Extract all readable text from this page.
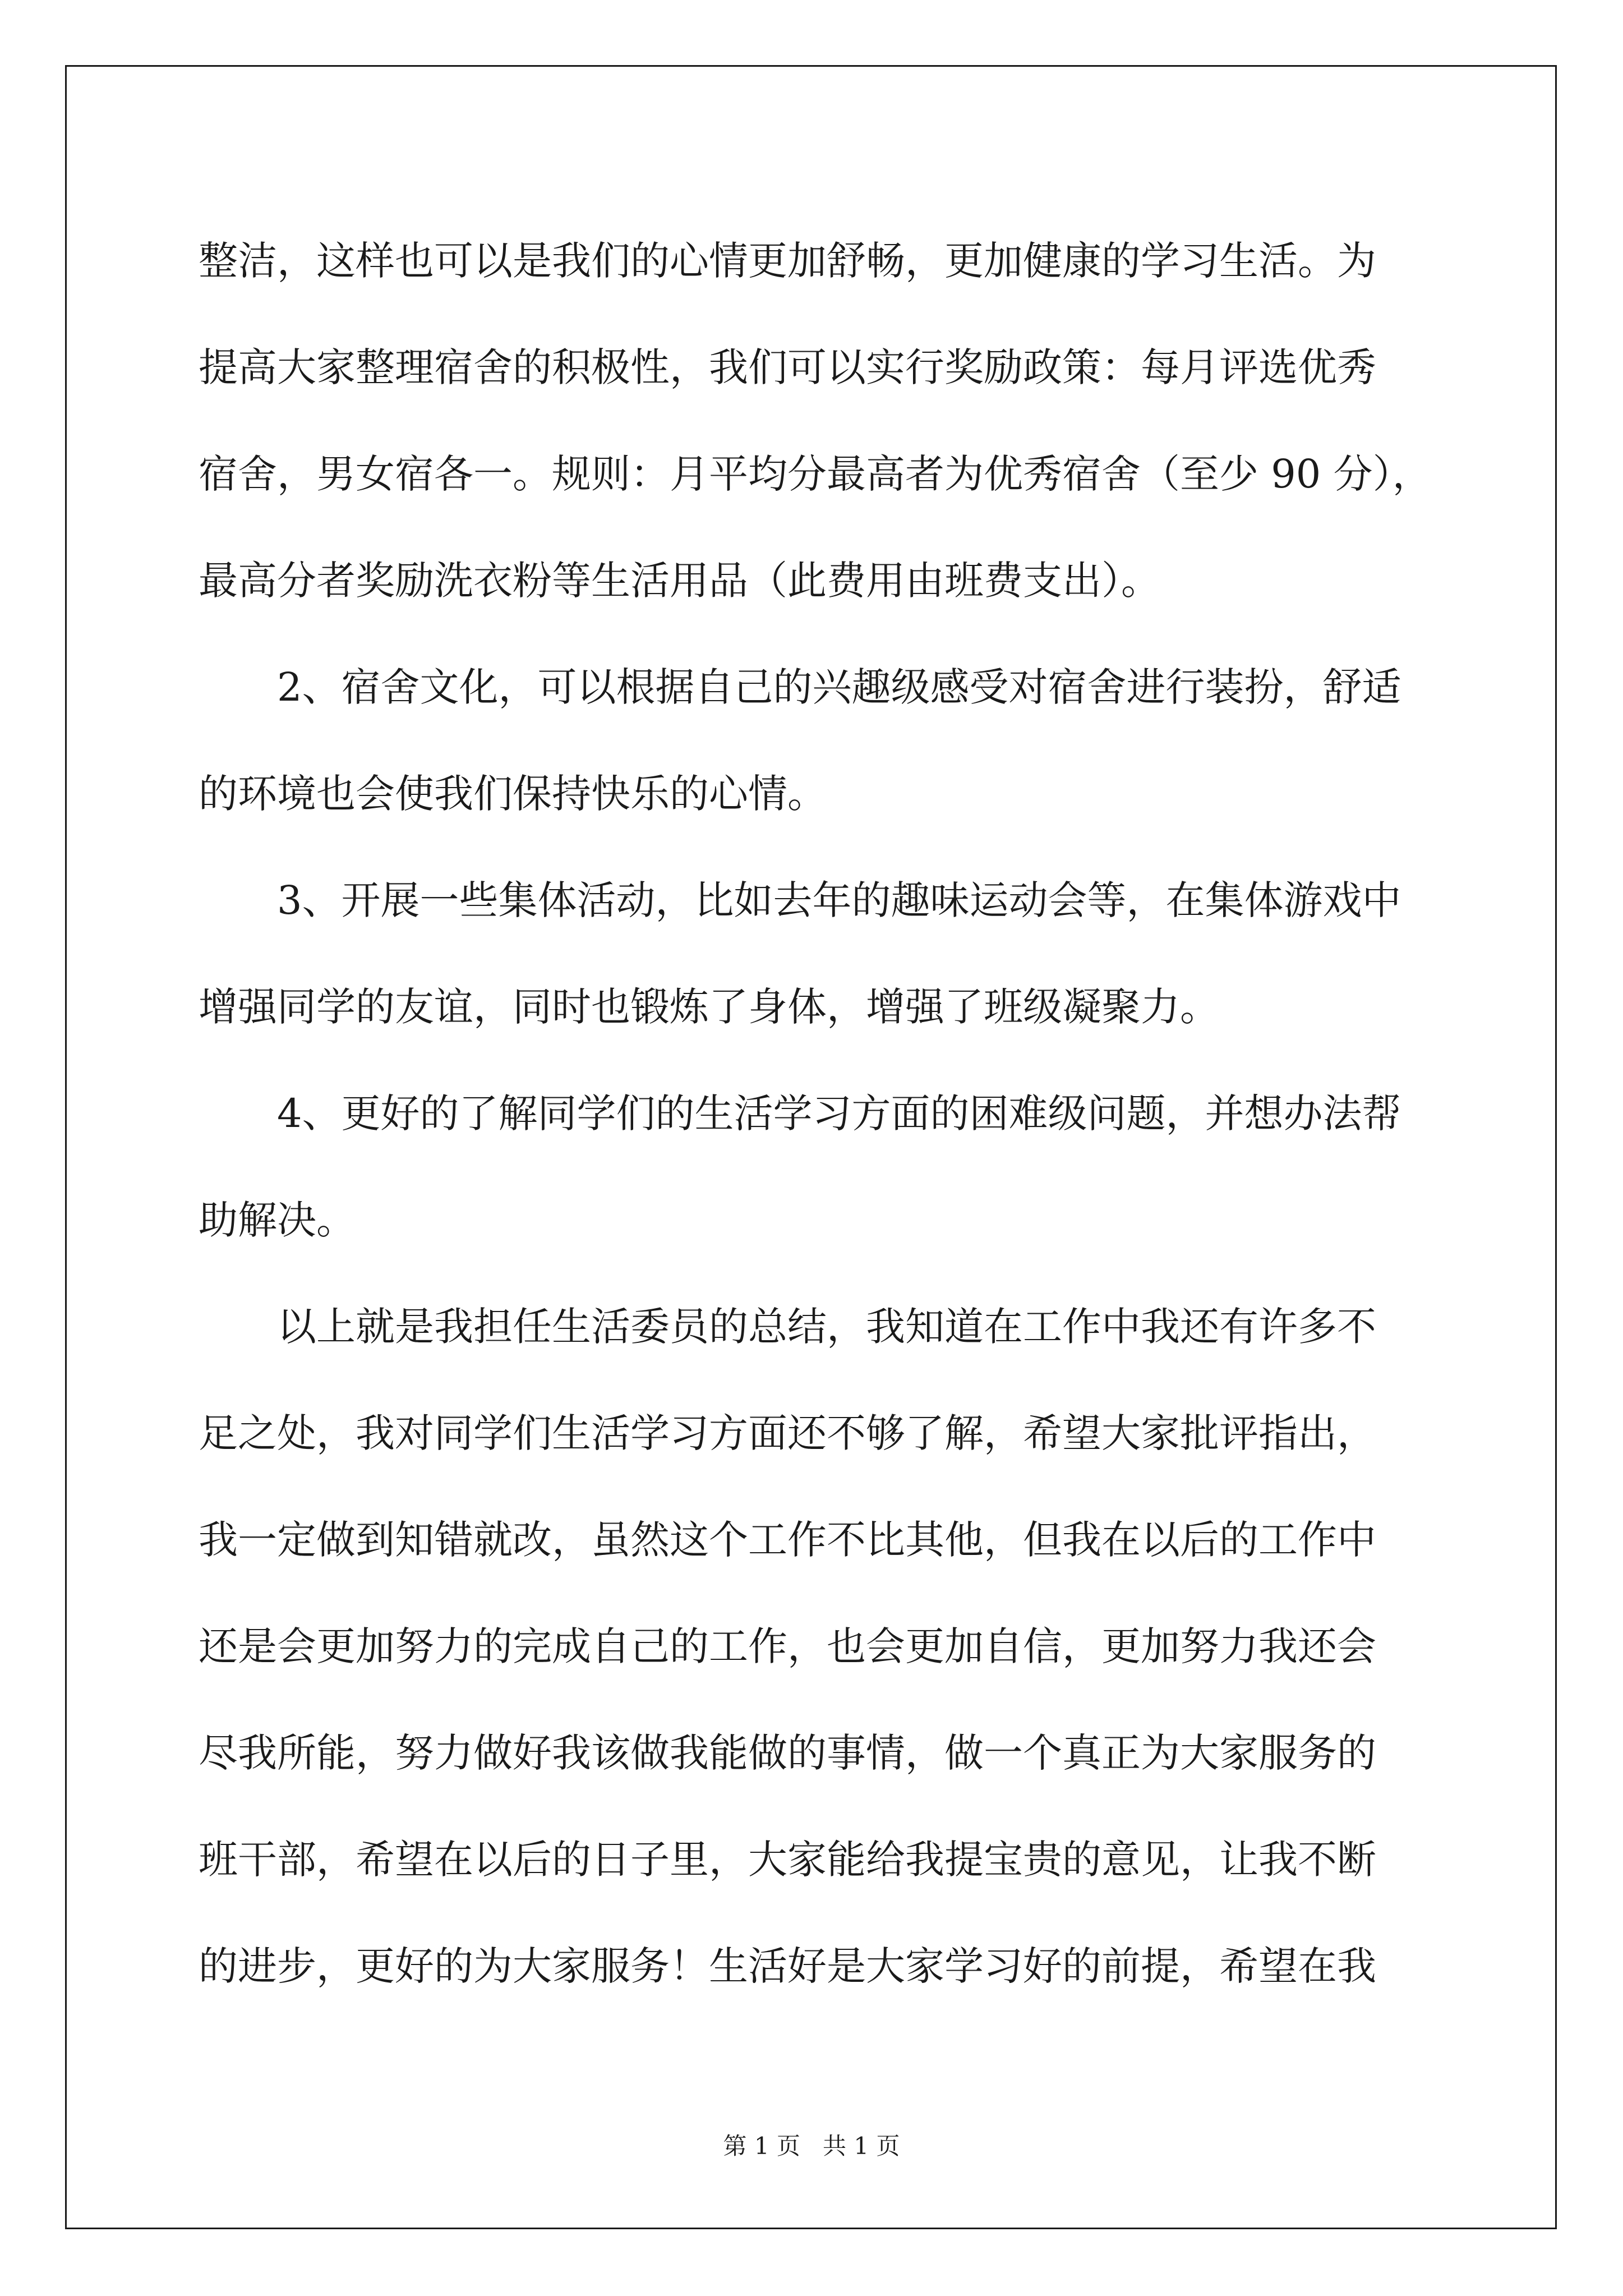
整洁，这样也可以是我们的心情更加舒畅，更加健康的学习生活。为
提高大家整理宿舍的积极性，我们可以实行奖励政策：每月评选优秀
宿舍，男女宿各一。规则：月平均分最高者为优秀宿舍（至少 90 分），
最高分者奖励洗衣粉等生活用品（此费用由班费支出）。
2、宿舍文化，可以根据自己的兴趣级感受对宿舍进行装扮，舒适
的环境也会使我们保持快乐的心情。
3、开展一些集体活动，比如去年的趣味运动会等，在集体游戏中
增强同学的友谊，同时也锻炼了身体，增强了班级凝聚力。
4、更好的了解同学们的生活学习方面的困难级问题，并想办法帮
助解决。
以上就是我担任生活委员的总结，我知道在工作中我还有许多不
足之处，我对同学们生活学习方面还不够了解，希望大家批评指出，
我一定做到知错就改，虽然这个工作不比其他，但我在以后的工作中
还是会更加努力的完成自己的工作，也会更加自信，更加努力我还会
尽我所能，努力做好我该做我能做的事情，做一个真正为大家服务的
班干部，希望在以后的日子里，大家能给我提宝贵的意见，让我不断
的进步，更好的为大家服务！生活好是大家学习好的前提，希望在我
第 1 页 共 1 页
